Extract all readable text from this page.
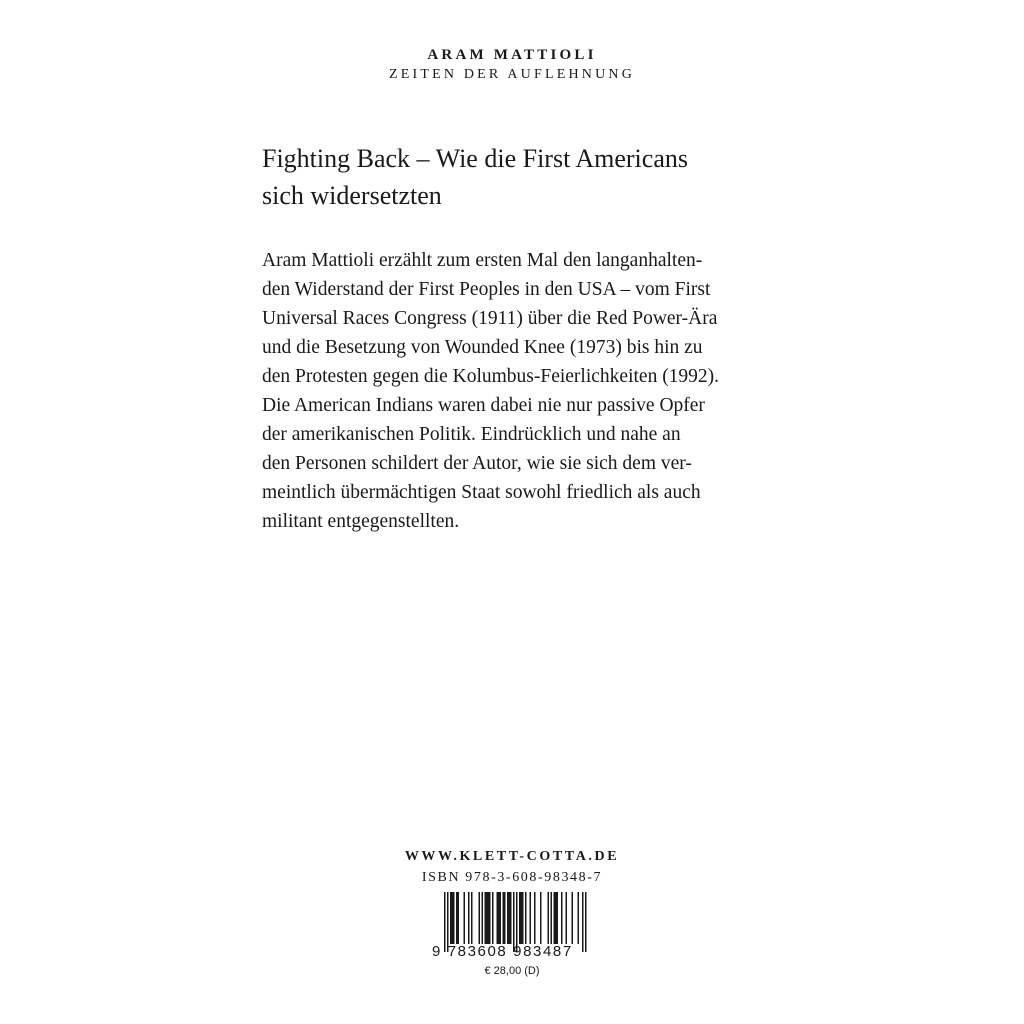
ARAM MATTIOLI
ZEITEN DER AUFLEHNUNG
Fighting Back – Wie die First Americans
sich widersetzten
Aram Mattioli erzählt zum ersten Mal den langanhalten-
den Widerstand der First Peoples in den USA – vom First
Universal Races Congress (1911) über die Red Power-Ära
und die Besetzung von Wounded Knee (1973) bis hin zu
den Protesten gegen die Kolumbus-Feierlichkeiten (1992).
Die American Indians waren dabei nie nur passive Opfer
der amerikanischen Politik. Eindrücklich und nahe an
den Personen schildert der Autor, wie sie sich dem ver-
meintlich übermächtigen Staat sowohl friedlich als auch
militant entgegenstellten.
WWW.KLETT-COTTA.DE
ISBN 978-3-608-98348-7
9 783608 983487
€ 28,00 (D)
